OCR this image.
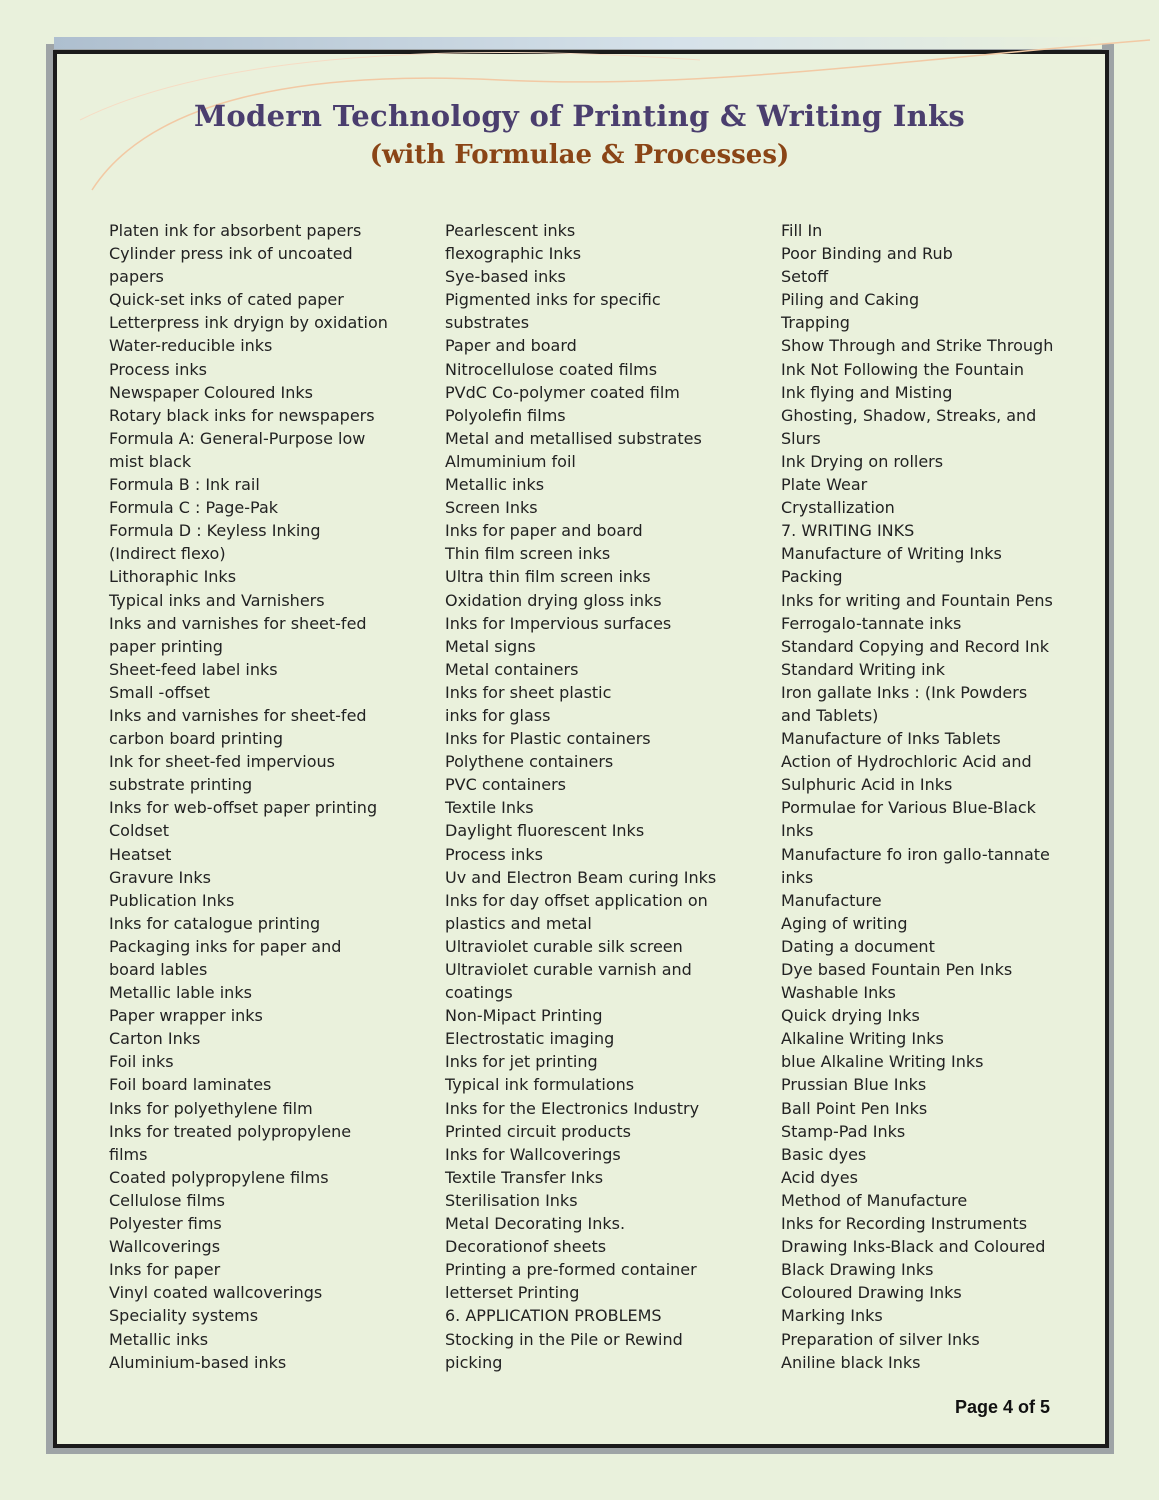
Modern Technology of Printing & Writing Inks
(with Formulae & Processes)
Platen ink for absorbent papers
Cylinder press ink of uncoated
papers
Quick-set inks of cated paper
Letterpress ink dryign by oxidation
Water-reducible inks
Process inks
Newspaper Coloured Inks
Rotary black inks for newspapers
Formula A: General-Purpose low
mist black
Formula B : Ink rail
Formula C : Page-Pak
Formula D : Keyless Inking
(Indirect flexo)
Lithoraphic Inks
Typical inks and Varnishers
Inks and varnishes for sheet-fed
paper printing
Sheet-feed label inks
Small -offset
Inks and varnishes for sheet-fed
carbon board printing
Ink for sheet-fed impervious
substrate printing
Inks for web-offset paper printing
Coldset
Heatset
Gravure Inks
Publication Inks
Inks for catalogue printing
Packaging inks for paper and
board lables
Metallic lable inks
Paper wrapper inks
Carton Inks
Foil inks
Foil board laminates
Inks for polyethylene film
Inks for treated polypropylene
films
Coated polypropylene films
Cellulose films
Polyester fims
Wallcoverings
Inks for paper
Vinyl coated wallcoverings
Speciality systems
Metallic inks
Aluminium-based inks
Pearlescent inks
flexographic Inks
Sye-based inks
Pigmented inks for specific
substrates
Paper and board
Nitrocellulose coated films
PVdC Co-polymer coated film
Polyolefin films
Metal and metallised substrates
Almuminium foil
Metallic inks
Screen Inks
Inks for paper and board
Thin film screen inks
Ultra thin film screen inks
Oxidation drying gloss inks
Inks for Impervious surfaces
Metal signs
Metal containers
Inks for sheet plastic
inks for glass
Inks for Plastic containers
Polythene containers
PVC containers
Textile Inks
Daylight fluorescent Inks
Process inks
Uv and Electron Beam curing Inks
Inks for day offset application on
plastics and metal
Ultraviolet curable silk screen
Ultraviolet curable varnish and
coatings
Non-Mipact Printing
Electrostatic imaging
Inks for jet printing
Typical ink formulations
Inks for the Electronics Industry
Printed circuit products
Inks for Wallcoverings
Textile Transfer Inks
Sterilisation Inks
Metal Decorating Inks.
Decorationof sheets
Printing a pre-formed container
letterset Printing
6. APPLICATION PROBLEMS
Stocking in the Pile or Rewind
picking
Fill In
Poor Binding and Rub
Setoff
Piling and Caking
Trapping
Show Through and Strike Through
Ink Not Following the Fountain
Ink flying and Misting
Ghosting, Shadow, Streaks, and
Slurs
Ink Drying on rollers
Plate Wear
Crystallization
7. WRITING INKS
Manufacture of Writing Inks
Packing
Inks for writing and Fountain Pens
Ferrogalo-tannate inks
Standard Copying and Record Ink
Standard Writing ink
Iron gallate Inks : (Ink Powders
and Tablets)
Manufacture of Inks Tablets
Action of Hydrochloric Acid and
Sulphuric Acid in Inks
Pormulae for Various Blue-Black
Inks
Manufacture fo iron gallo-tannate
inks
Manufacture
Aging of writing
Dating a document
Dye based Fountain Pen Inks
Washable Inks
Quick drying Inks
Alkaline Writing Inks
blue Alkaline Writing Inks
Prussian Blue Inks
Ball Point Pen Inks
Stamp-Pad Inks
Basic dyes
Acid dyes
Method of Manufacture
Inks for Recording Instruments
Drawing Inks-Black and Coloured
Black Drawing Inks
Coloured Drawing Inks
Marking Inks
Preparation of silver Inks
Aniline black Inks
Page 4 of 5
